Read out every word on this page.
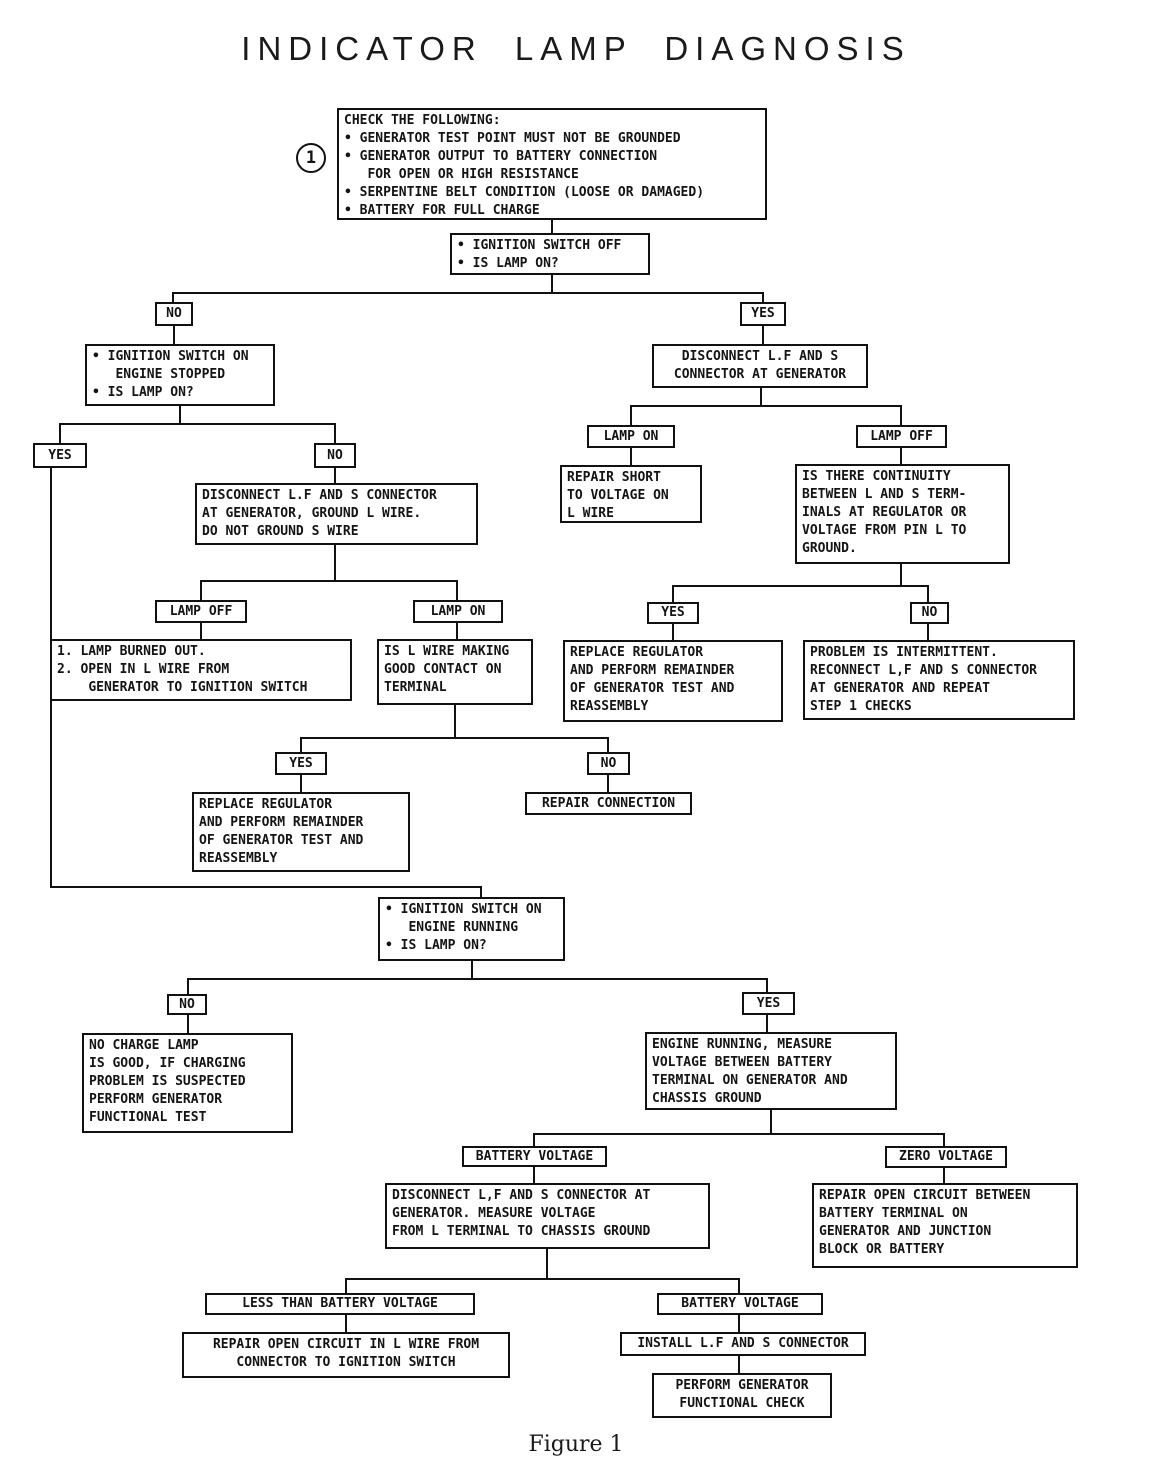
INDICATOR LAMP DIAGNOSIS
1
CHECK THE FOLLOWING:
• GENERATOR TEST POINT MUST NOT BE GROUNDED
• GENERATOR OUTPUT TO BATTERY CONNECTION
FOR OPEN OR HIGH RESISTANCE
• SERPENTINE BELT CONDITION (LOOSE OR DAMAGED)
• BATTERY FOR FULL CHARGE
• IGNITION SWITCH OFF
• IS LAMP ON?
NO	YES
• IGNITION SWITCH ON
ENGINE STOPPED
• IS LAMP ON?
YES	NO
DISCONNECT L.F AND S CONNECTOR
AT GENERATOR, GROUND L WIRE.
DO NOT GROUND S WIRE
LAMP OFF	LAMP ON
1. LAMP BURNED OUT.
2. OPEN IN L WIRE FROM
GENERATOR TO IGNITION SWITCH
IS L WIRE MAKING
GOOD CONTACT ON
TERMINAL
YES	NO
REPLACE REGULATOR
AND PERFORM REMAINDER
OF GENERATOR TEST AND
REASSEMBLY
REPAIR CONNECTION
DISCONNECT L.F AND S
CONNECTOR AT GENERATOR
LAMP ON	LAMP OFF
REPAIR SHORT
TO VOLTAGE ON
L WIRE
IS THERE CONTINUITY
BETWEEN L AND S TERM-
INALS AT REGULATOR OR
VOLTAGE FROM PIN L TO
GROUND.
YES	NO
REPLACE REGULATOR
AND PERFORM REMAINDER
OF GENERATOR TEST AND
REASSEMBLY
PROBLEM IS INTERMITTENT.
RECONNECT L,F AND S CONNECTOR
AT GENERATOR AND REPEAT
STEP 1 CHECKS
• IGNITION SWITCH ON
ENGINE RUNNING
• IS LAMP ON?
NO	YES
NO CHARGE LAMP
IS GOOD, IF CHARGING
PROBLEM IS SUSPECTED
PERFORM GENERATOR
FUNCTIONAL TEST
ENGINE RUNNING, MEASURE
VOLTAGE BETWEEN BATTERY
TERMINAL ON GENERATOR AND
CHASSIS GROUND
BATTERY VOLTAGE	ZERO VOLTAGE
DISCONNECT L,F AND S CONNECTOR AT
GENERATOR. MEASURE VOLTAGE
FROM L TERMINAL TO CHASSIS GROUND
REPAIR OPEN CIRCUIT BETWEEN
BATTERY TERMINAL ON
GENERATOR AND JUNCTION
BLOCK OR BATTERY
LESS THAN BATTERY VOLTAGE	BATTERY VOLTAGE
REPAIR OPEN CIRCUIT IN L WIRE FROM
CONNECTOR TO IGNITION SWITCH
INSTALL L.F AND S CONNECTOR
PERFORM GENERATOR
FUNCTIONAL CHECK
Figure 1
